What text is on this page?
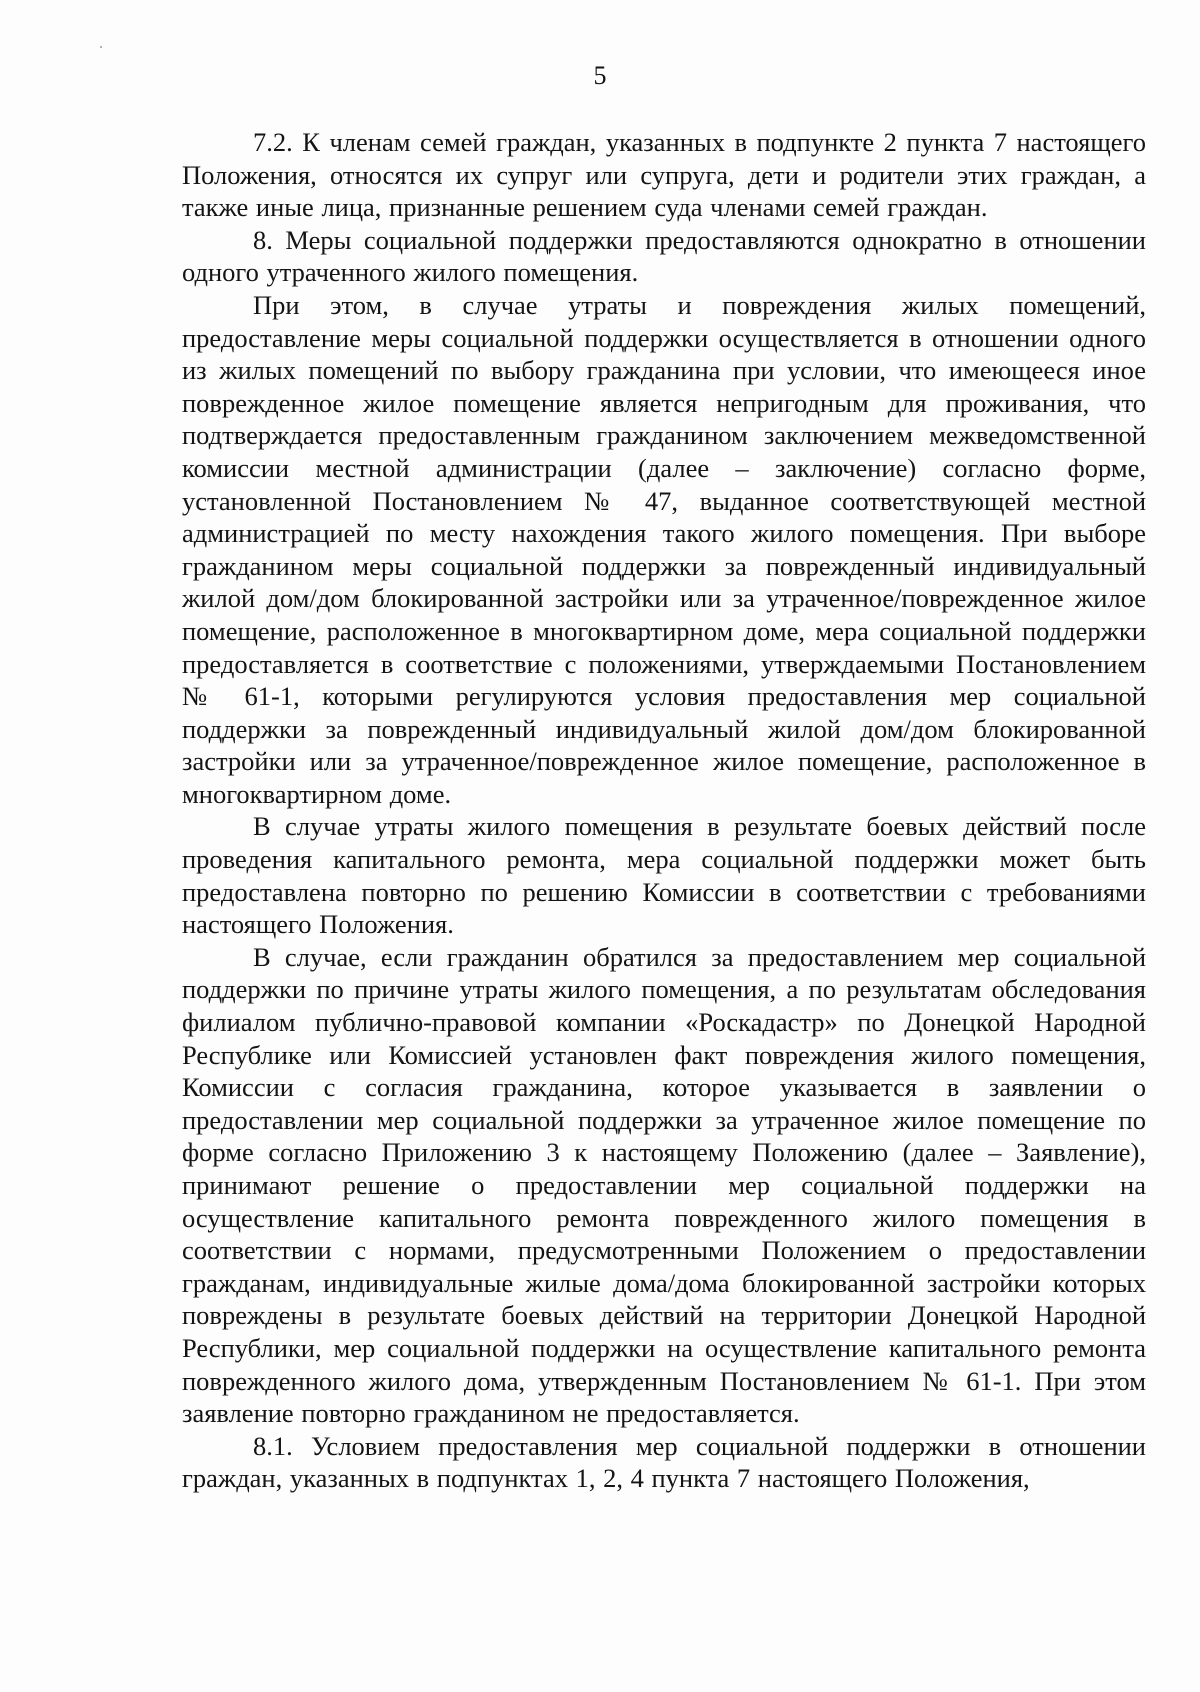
5

7.2. К членам семей граждан, указанных в подпункте 2 пункта 7 настоящего Положения, относятся их супруг или супруга, дети и родители этих граждан, а также иные лица, признанные решением суда членами семей граждан.

8. Меры социальной поддержки предоставляются однократно в отношении одного утраченного жилого помещения.

При этом, в случае утраты и повреждения жилых помещений, предоставление меры социальной поддержки осуществляется в отношении одного из жилых помещений по выбору гражданина при условии, что имеющееся иное поврежденное жилое помещение является непригодным для проживания, что подтверждается предоставленным гражданином заключением межведомственной комиссии местной администрации (далее – заключение) согласно форме, установленной Постановлением № 47, выданное соответствующей местной администрацией по месту нахождения такого жилого помещения. При выборе гражданином меры социальной поддержки за поврежденный индивидуальный жилой дом/дом блокированной застройки или за утраченное/поврежденное жилое помещение, расположенное в многоквартирном доме, мера социальной поддержки предоставляется в соответствие с положениями, утверждаемыми Постановлением № 61-1, которыми регулируются условия предоставления мер социальной поддержки за поврежденный индивидуальный жилой дом/дом блокированной застройки или за утраченное/поврежденное жилое помещение, расположенное в многоквартирном доме.

В случае утраты жилого помещения в результате боевых действий после проведения капитального ремонта, мера социальной поддержки может быть предоставлена повторно по решению Комиссии в соответствии с требованиями настоящего Положения.

В случае, если гражданин обратился за предоставлением мер социальной поддержки по причине утраты жилого помещения, а по результатам обследования филиалом публично-правовой компании «Роскадастр» по Донецкой Народной Республике или Комиссией установлен факт повреждения жилого помещения, Комиссии с согласия гражданина, которое указывается в заявлении о предоставлении мер социальной поддержки за утраченное жилое помещение по форме согласно Приложению 3 к настоящему Положению (далее – Заявление), принимают решение о предоставлении мер социальной поддержки на осуществление капитального ремонта поврежденного жилого помещения в соответствии с нормами, предусмотренными Положением о предоставлении гражданам, индивидуальные жилые дома/дома блокированной застройки которых повреждены в результате боевых действий на территории Донецкой Народной Республики, мер социальной поддержки на осуществление капитального ремонта поврежденного жилого дома, утвержденным Постановлением № 61-1. При этом заявление повторно гражданином не предоставляется.

8.1. Условием предоставления мер социальной поддержки в отношении граждан, указанных в подпунктах 1, 2, 4 пункта 7 настоящего Положения,
